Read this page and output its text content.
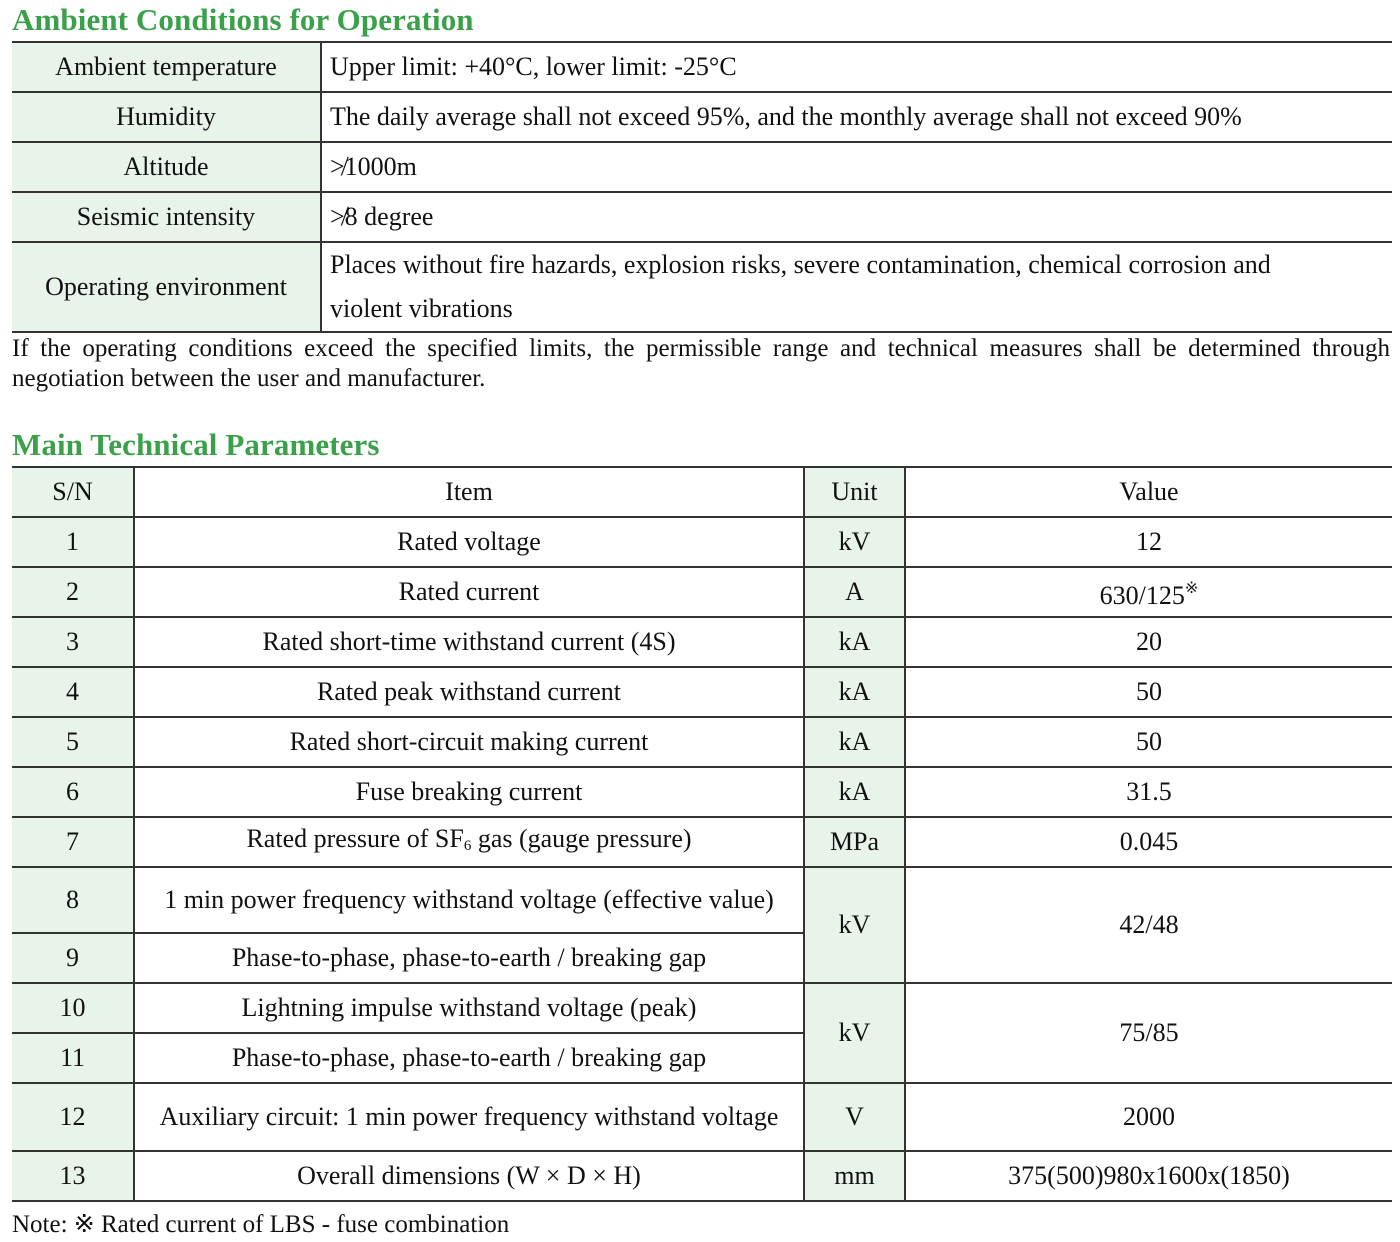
Ambient Conditions for Operation
Ambient temperature	Upper limit: +40°C, lower limit: -25°C
Humidity	The daily average shall not exceed 95%, and the monthly average shall not exceed 90%
Altitude	≯1000m
Seismic intensity	≯8 degree
Operating environment	Places without fire hazards, explosion risks, severe contamination, chemical corrosion and
violent vibrations

If the operating conditions exceed the specified limits, the permissible range and technical measures shall be determined through negotiation between the user and manufacturer.

Main Technical Parameters
S/N	Item	Unit	Value
1	Rated voltage	kV	12
2	Rated current	A	630/125※
3	Rated short-time withstand current (4S)	kA	20
4	Rated peak withstand current	kA	50
5	Rated short-circuit making current	kA	50
6	Fuse breaking current	kA	31.5
7	Rated pressure of $SF_6$ gas (gauge pressure)	MPa	0.045
8	1 min power frequency withstand voltage (effective value)	kV	42/48
9	Phase-to-phase, phase-to-earth / breaking gap		
10	Lightning impulse withstand voltage (peak)	kV	75/85
11	Phase-to-phase, phase-to-earth / breaking gap		
12	Auxiliary circuit: 1 min power frequency withstand voltage	V	2000
13	Overall dimensions (W × D × H)	mm	375(500)980x1600x(1850)

Note: ※ Rated current of LBS - fuse combination
